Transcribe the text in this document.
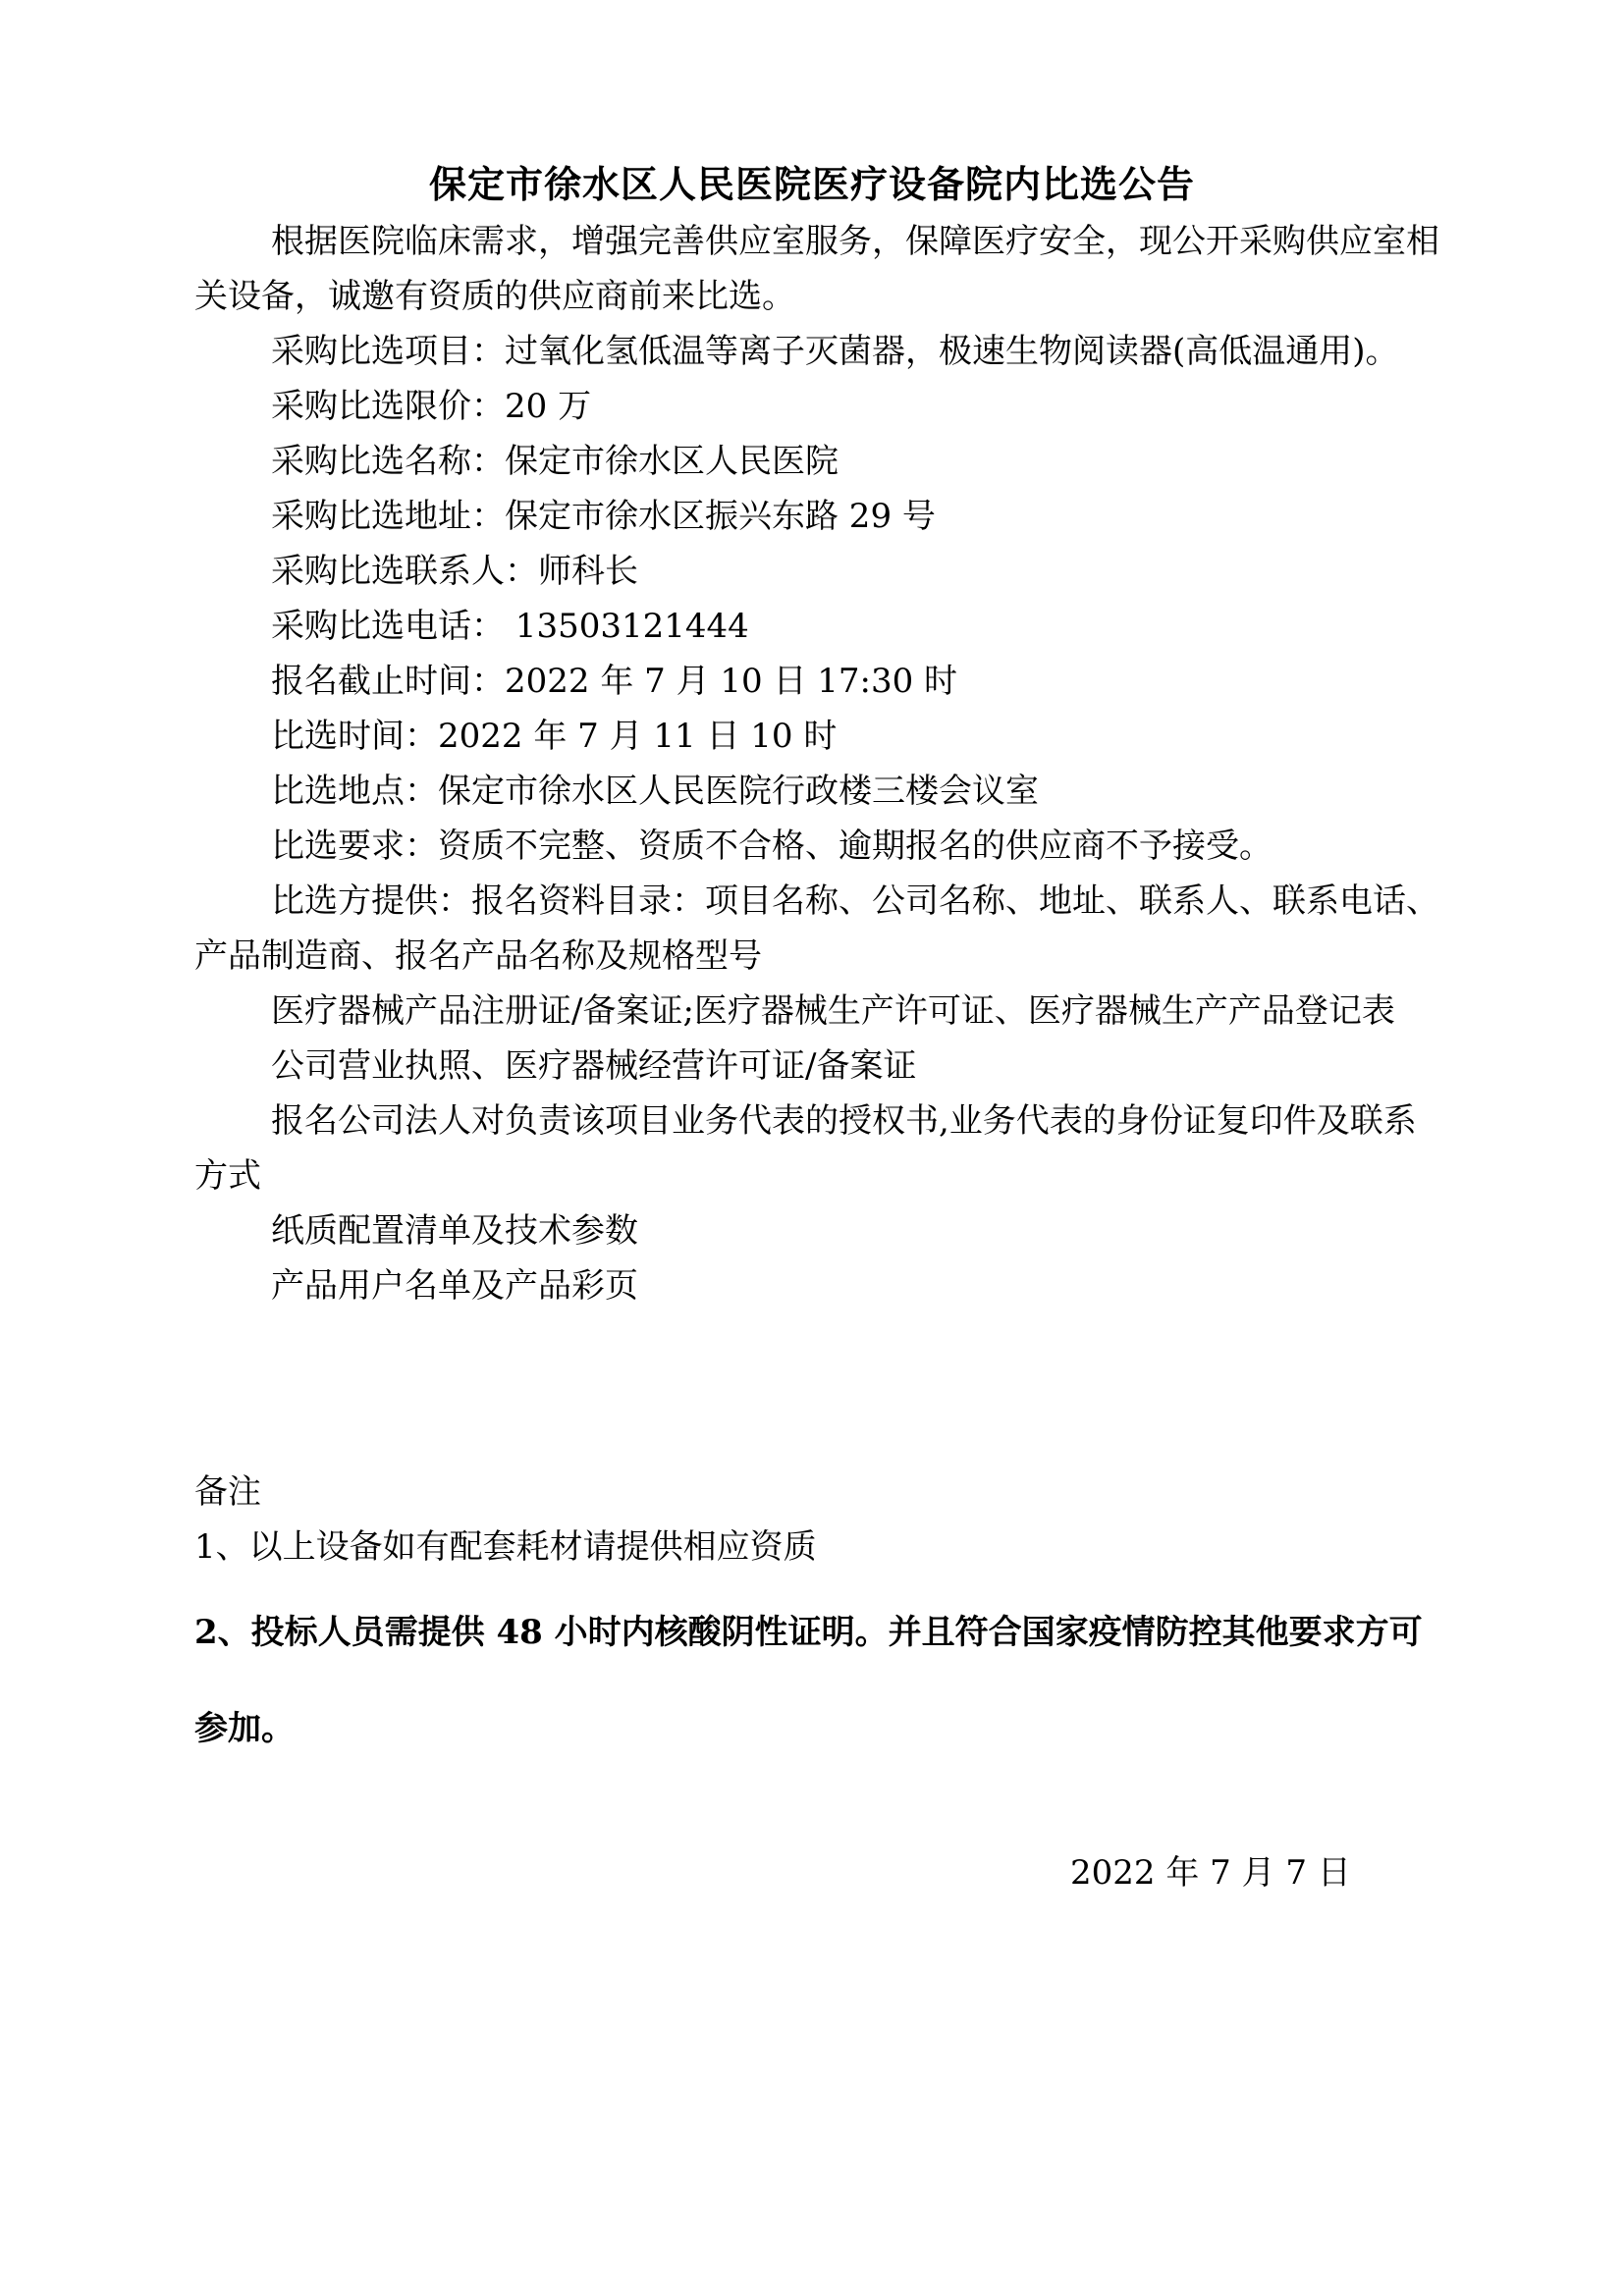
保定市徐水区人民医院医疗设备院内比选公告

根据医院临床需求，增强完善供应室服务，保障医疗安全，现公开采购供应室相关设备，诚邀有资质的供应商前来比选。

采购比选项目：过氧化氢低温等离子灭菌器，极速生物阅读器(高低温通用)。

采购比选限价：20 万

采购比选名称：保定市徐水区人民医院

采购比选地址：保定市徐水区振兴东路 29 号

采购比选联系人：师科长

采购比选电话： 13503121444

报名截止时间：2022 年 7 月 10 日 17:30 时

比选时间：2022 年 7 月 11 日 10 时

比选地点：保定市徐水区人民医院行政楼三楼会议室

比选要求：资质不完整、资质不合格、逾期报名的供应商不予接受。

比选方提供：报名资料目录：项目名称、公司名称、地址、联系人、联系电话、产品制造商、报名产品名称及规格型号

医疗器械产品注册证/备案证;医疗器械生产许可证、医疗器械生产产品登记表

公司营业执照、医疗器械经营许可证/备案证

报名公司法人对负责该项目业务代表的授权书,业务代表的身份证复印件及联系方式

纸质配置清单及技术参数

产品用户名单及产品彩页

备注
1、以上设备如有配套耗材请提供相应资质
2、投标人员需提供 48 小时内核酸阴性证明。并且符合国家疫情防控其他要求方可参加。
2022 年 7 月 7 日
